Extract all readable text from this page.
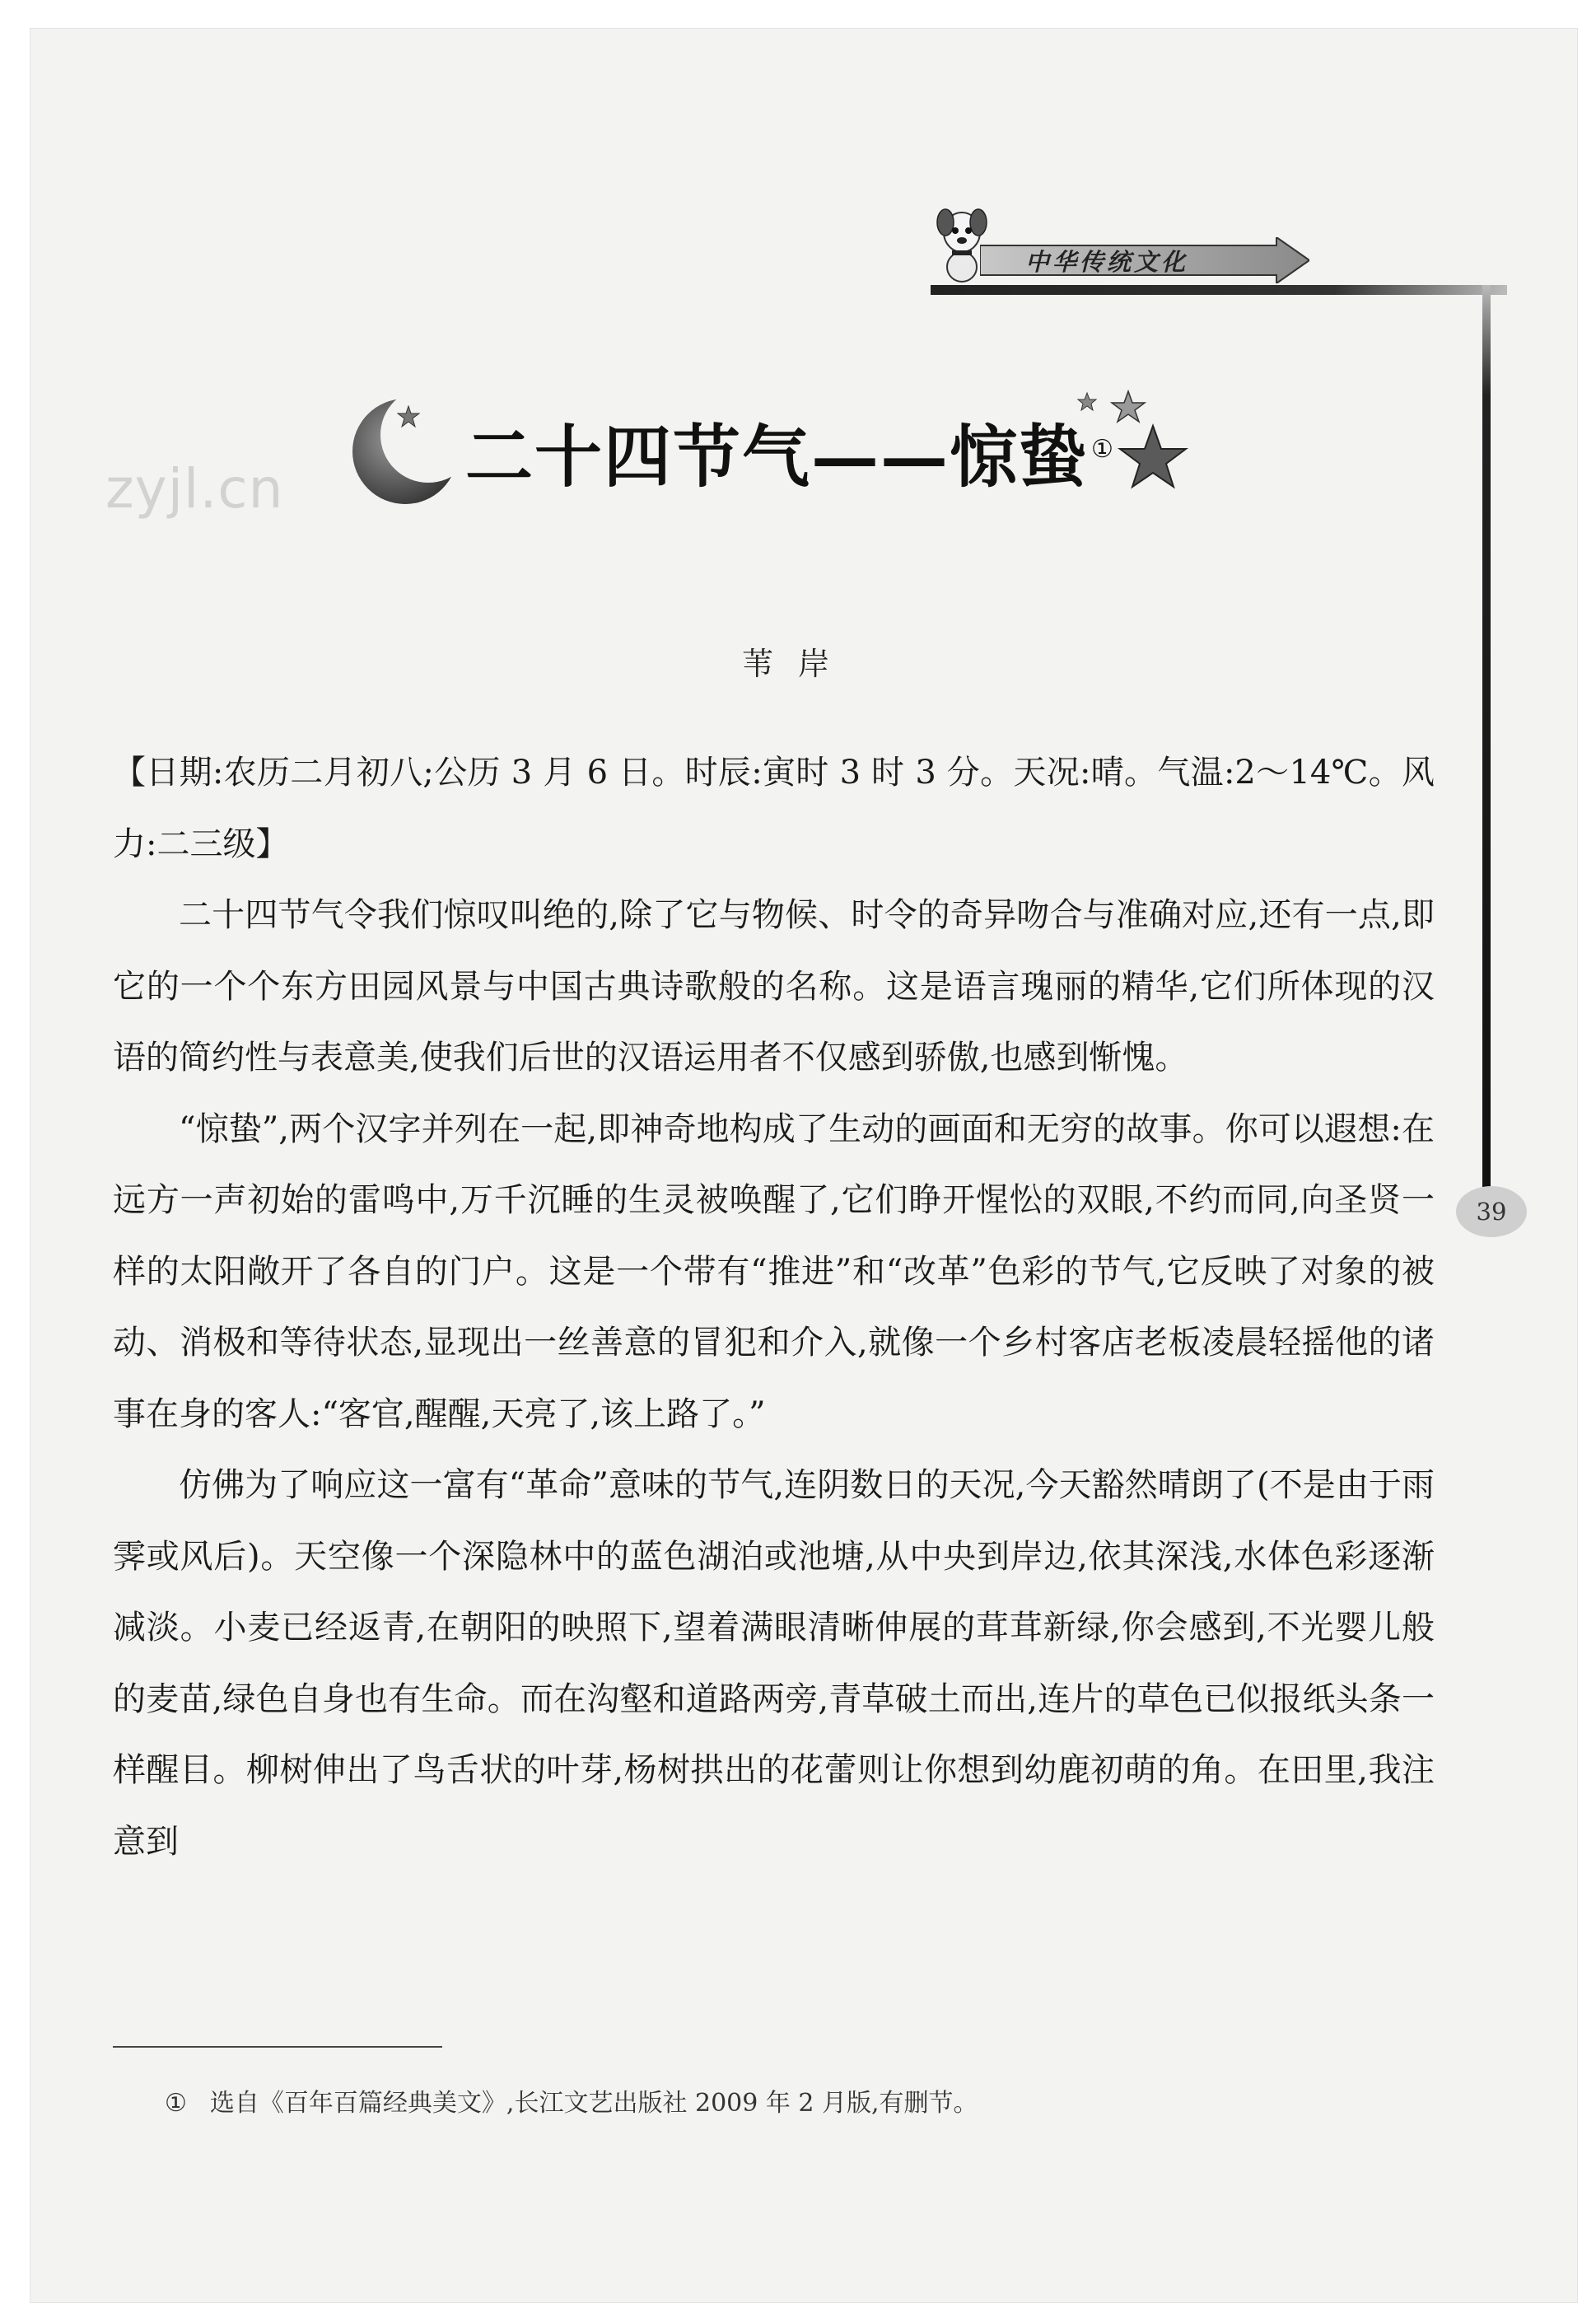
中华传统文化
39
二十四节气——惊蛰 ①
zyjl.cn
苇岸

【日期:农历二月初八;公历 3 月 6 日。时辰:寅时 3 时 3 分。天况:晴。气温:2～14℃。风力:二三级】

二十四节气令我们惊叹叫绝的,除了它与物候、时令的奇异吻合与准确对应,还有一点,即它的一个个东方田园风景与中国古典诗歌般的名称。这是语言瑰丽的精华,它们所体现的汉语的简约性与表意美,使我们后世的汉语运用者不仅感到骄傲,也感到惭愧。

“惊蛰”,两个汉字并列在一起,即神奇地构成了生动的画面和无穷的故事。你可以遐想:在远方一声初始的雷鸣中,万千沉睡的生灵被唤醒了,它们睁开惺忪的双眼,不约而同,向圣贤一样的太阳敞开了各自的门户。这是一个带有“推进”和“改革”色彩的节气,它反映了对象的被动、消极和等待状态,显现出一丝善意的冒犯和介入,就像一个乡村客店老板凌晨轻摇他的诸事在身的客人:“客官,醒醒,天亮了,该上路了。”

仿佛为了响应这一富有“革命”意味的节气,连阴数日的天况,今天豁然晴朗了(不是由于雨霁或风后)。天空像一个深隐林中的蓝色湖泊或池塘,从中央到岸边,依其深浅,水体色彩逐渐减淡。小麦已经返青,在朝阳的映照下,望着满眼清晰伸展的茸茸新绿,你会感到,不光婴儿般的麦苗,绿色自身也有生命。而在沟壑和道路两旁,青草破土而出,连片的草色已似报纸头条一样醒目。柳树伸出了鸟舌状的叶芽,杨树拱出的花蕾则让你想到幼鹿初萌的角。在田里,我注意到

① 选自《百年百篇经典美文》,长江文艺出版社 2009 年 2 月版,有删节。
